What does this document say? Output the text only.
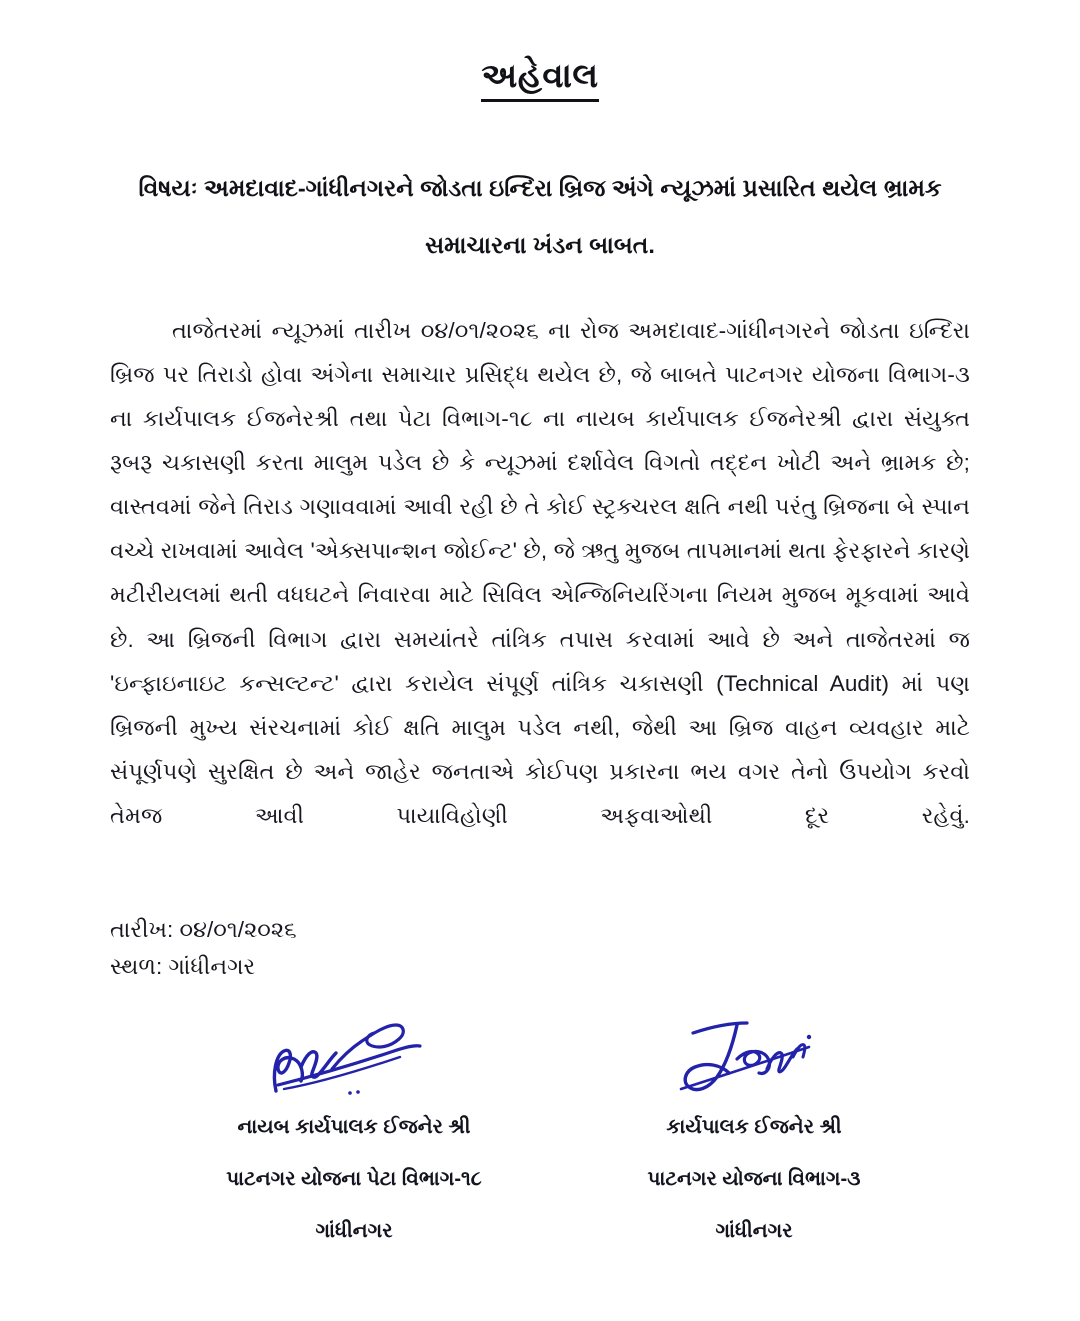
અહેવાલ
વિષયઃ અમદાવાદ-ગાંધીનગરને જોડતા ઇન્દિરા બ્રિજ અંગે ન્યૂઝમાં પ્રસારિત થયેલ ભ્રામક
સમાચારના ખંડન બાબત.

તાજેતરમાં ન્યૂઝમાં તારીખ ૦૪/૦૧/૨૦૨૬ ના રોજ અમદાવાદ-ગાંધીનગરને જોડતા ઇન્દિરા બ્રિજ પર તિરાડો હોવા અંગેના સમાચાર પ્રસિદ્ધ થયેલ છે, જે બાબતે પાટનગર યોજના વિભાગ-૩ ના કાર્યપાલક ઈજનેરશ્રી તથા પેટા વિભાગ-૧૮ ના નાયબ કાર્યપાલક ઈજનેરશ્રી દ્વારા સંયુક્ત રૂબરૂ ચકાસણી કરતા માલુમ પડેલ છે કે ન્યૂઝમાં દર્શાવેલ વિગતો તદ્દન ખોટી અને ભ્રામક છે; વાસ્તવમાં જેને તિરાડ ગણાવવામાં આવી રહી છે તે કોઈ સ્ટ્રક્ચરલ ક્ષતિ નથી પરંતુ બ્રિજના બે સ્પાન વચ્ચે રાખવામાં આવેલ 'એક્સપાન્શન જોઈન્ટ' છે, જે ઋતુ મુજબ તાપમાનમાં થતા ફેરફારને કારણે મટીરીયલમાં થતી વધઘટને નિવારવા માટે સિવિલ એન્જિનિયરિંગના નિયમ મુજબ મૂકવામાં આવે છે. આ બ્રિજની વિભાગ દ્વારા સમયાંતરે તાંત્રિક તપાસ કરવામાં આવે છે અને તાજેતરમાં જ 'ઇન્ફાઇનાઇટ કન્સલ્ટન્ટ' દ્વારા કરાયેલ સંપૂર્ણ તાંત્રિક ચકાસણી (Technical Audit) માં પણ બ્રિજની મુખ્ય સંરચનામાં કોઈ ક્ષતિ માલુમ પડેલ નથી, જેથી આ બ્રિજ વાહન વ્યવહાર માટે સંપૂર્ણપણે સુરક્ષિત છે અને જાહેર જનતાએ કોઈપણ પ્રકારના ભય વગર તેનો ઉપયોગ કરવો તેમજ આવી પાયાવિહોણી અફવાઓથી દૂર રહેવું.

તારીખ: ૦૪/૦૧/૨૦૨૬
સ્થળ: ગાંધીનગર
નાયબ કાર્યપાલક ઈજનેર શ્રી
પાટનગર યોજના પેટા વિભાગ-૧૮
ગાંધીનગર
કાર્યપાલક ઈજનેર શ્રી
પાટનગર યોજના વિભાગ-૩
ગાંધીનગર
